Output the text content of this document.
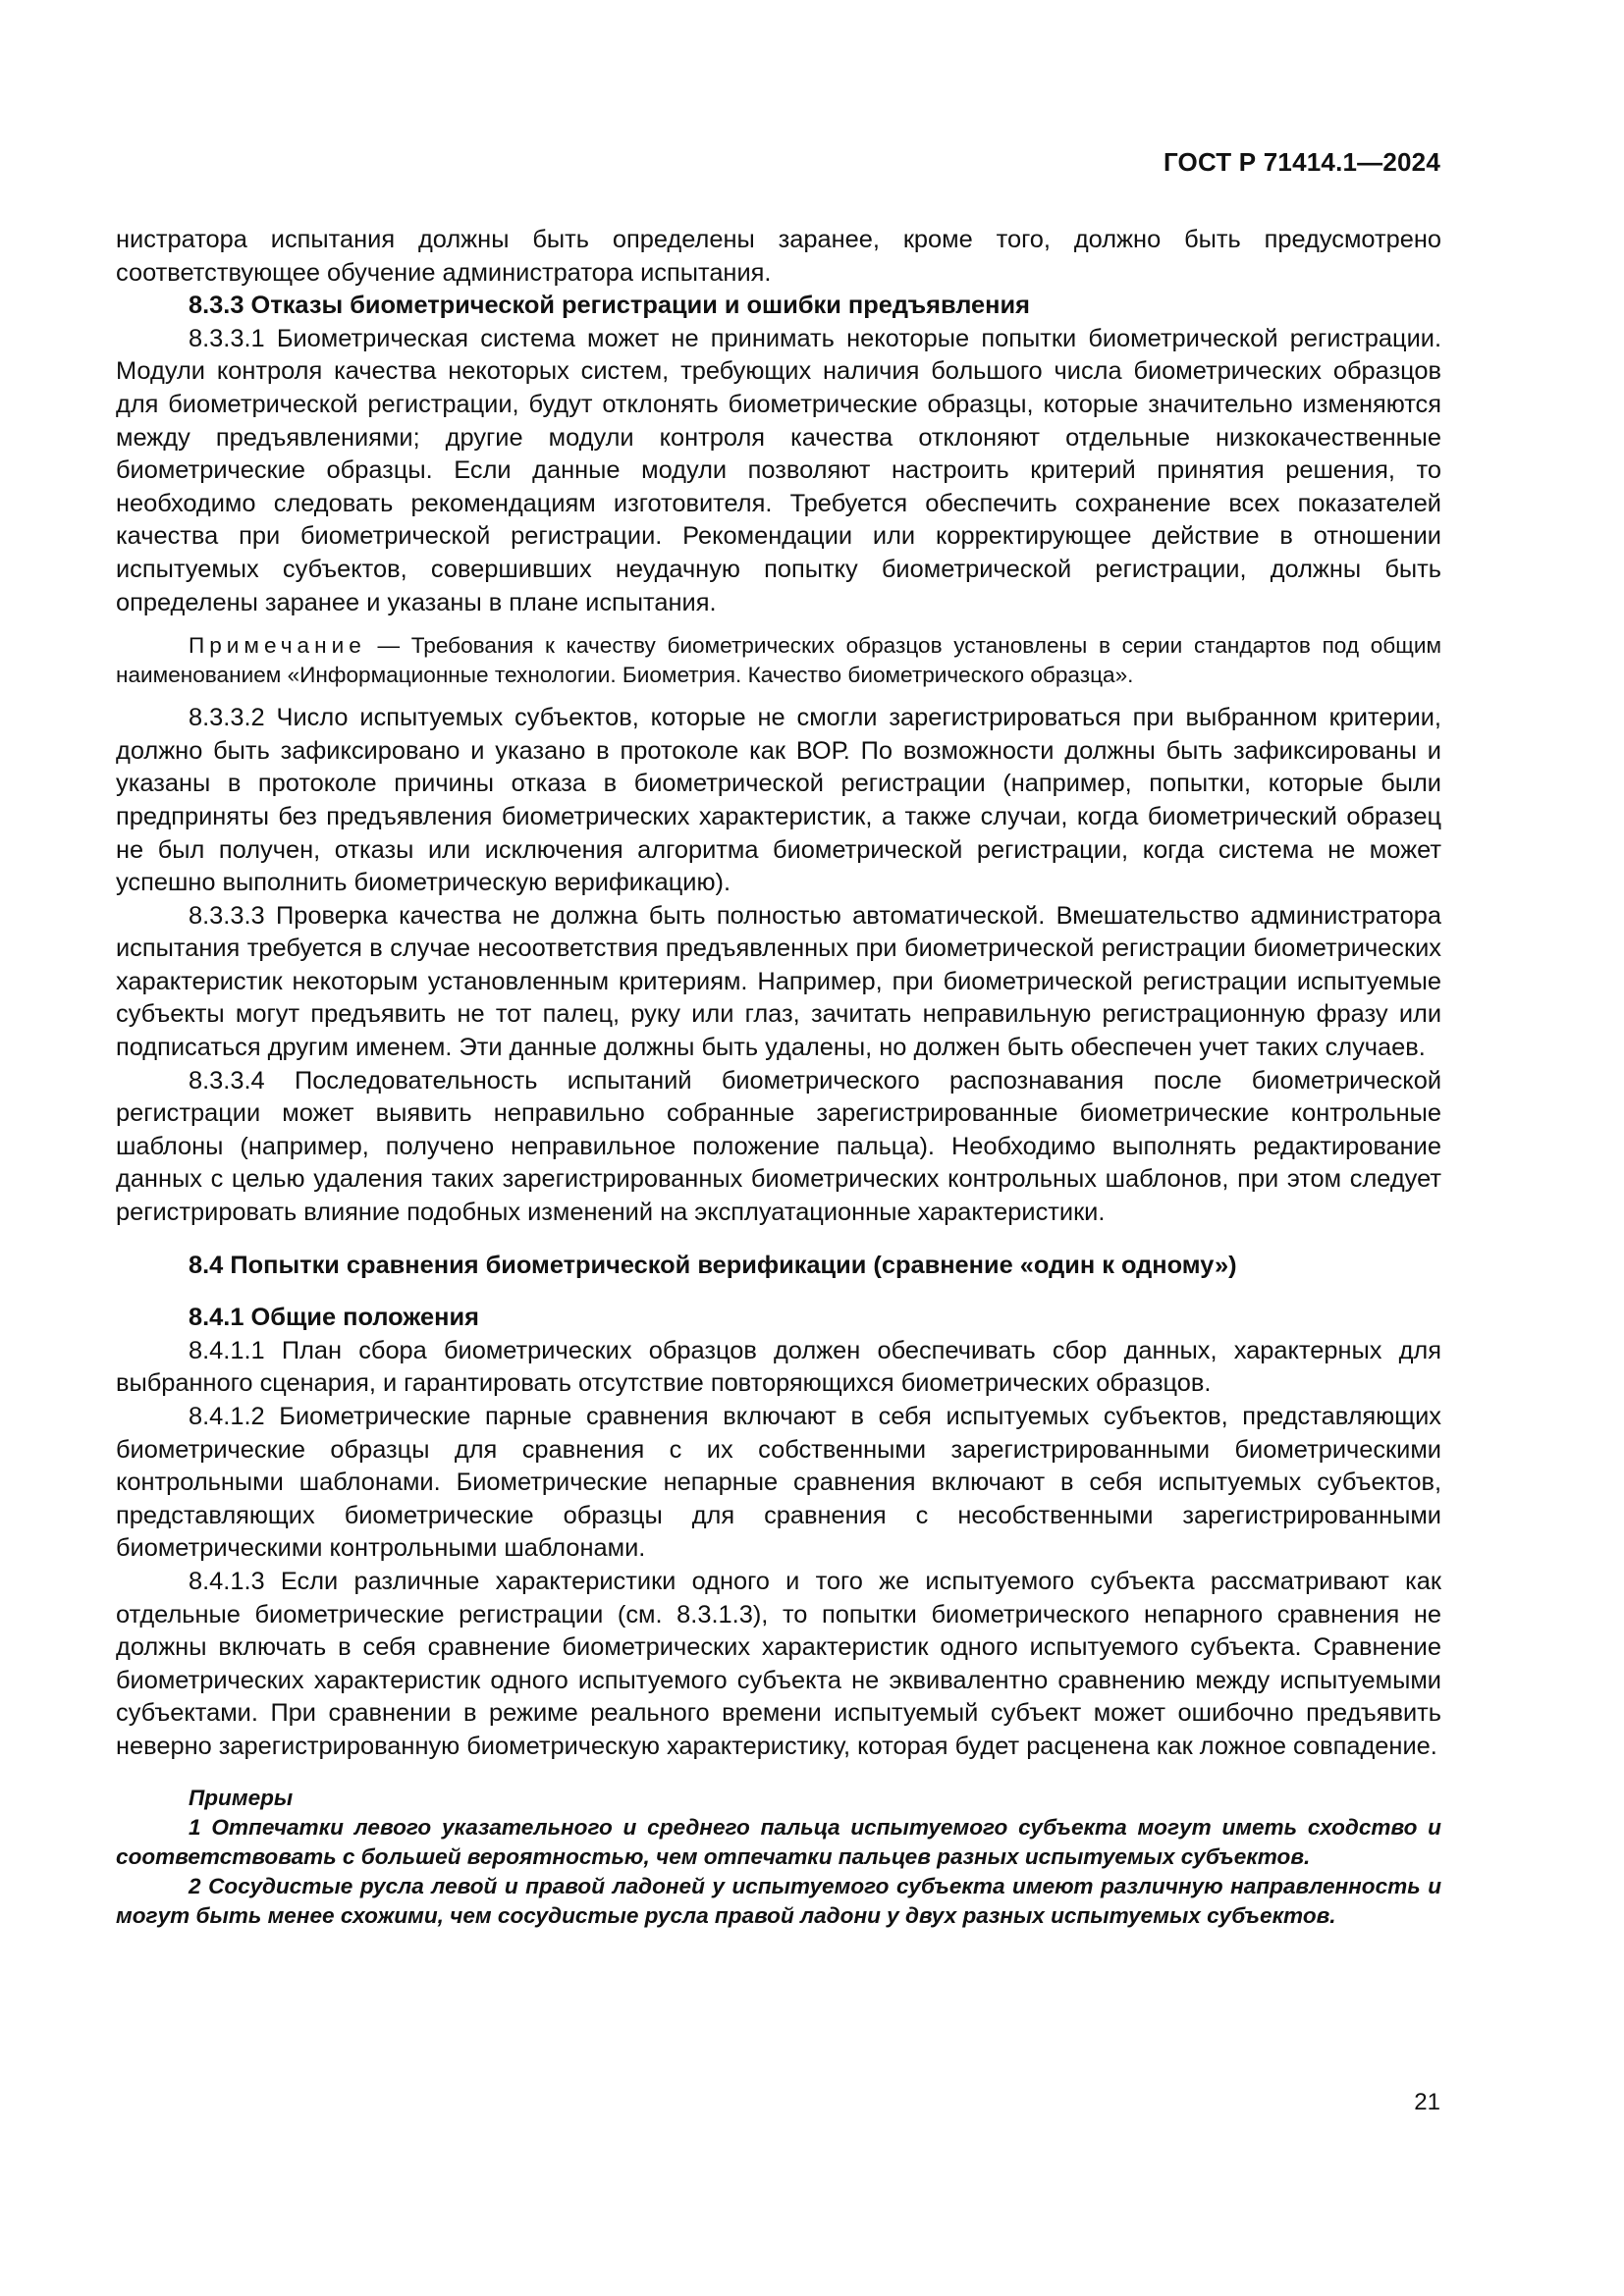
ГОСТ Р 71414.1—2024

нистратора испытания должны быть определены заранее, кроме того, должно быть предусмотрено соответствующее обучение администратора испытания.

8.3.3 Отказы биометрической регистрации и ошибки предъявления

8.3.3.1 Биометрическая система может не принимать некоторые попытки биометрической регистрации. Модули контроля качества некоторых систем, требующих наличия большого числа биометрических образцов для биометрической регистрации, будут отклонять биометрические образцы, которые значительно изменяются между предъявлениями; другие модули контроля качества отклоняют отдельные низкокачественные биометрические образцы. Если данные модули позволяют настроить критерий принятия решения, то необходимо следовать рекомендациям изготовителя. Требуется обеспечить сохранение всех показателей качества при биометрической регистрации. Рекомендации или корректирующее действие в отношении испытуемых субъектов, совершивших неудачную попытку биометрической регистрации, должны быть определены заранее и указаны в плане испытания.

Примечание — Требования к качеству биометрических образцов установлены в серии стандартов под общим наименованием «Информационные технологии. Биометрия. Качество биометрического образца».

8.3.3.2 Число испытуемых субъектов, которые не смогли зарегистрироваться при выбранном критерии, должно быть зафиксировано и указано в протоколе как ВОР. По возможности должны быть зафиксированы и указаны в протоколе причины отказа в биометрической регистрации (например, попытки, которые были предприняты без предъявления биометрических характеристик, а также случаи, когда биометрический образец не был получен, отказы или исключения алгоритма биометрической регистрации, когда система не может успешно выполнить биометрическую верификацию).

8.3.3.3 Проверка качества не должна быть полностью автоматической. Вмешательство администратора испытания требуется в случае несоответствия предъявленных при биометрической регистрации биометрических характеристик некоторым установленным критериям. Например, при биометрической регистрации испытуемые субъекты могут предъявить не тот палец, руку или глаз, зачитать неправильную регистрационную фразу или подписаться другим именем. Эти данные должны быть удалены, но должен быть обеспечен учет таких случаев.

8.3.3.4 Последовательность испытаний биометрического распознавания после биометрической регистрации может выявить неправильно собранные зарегистрированные биометрические контрольные шаблоны (например, получено неправильное положение пальца). Необходимо выполнять редактирование данных с целью удаления таких зарегистрированных биометрических контрольных шаблонов, при этом следует регистрировать влияние подобных изменений на эксплуатационные характеристики.

8.4 Попытки сравнения биометрической верификации (сравнение «один к одному»)

8.4.1 Общие положения

8.4.1.1 План сбора биометрических образцов должен обеспечивать сбор данных, характерных для выбранного сценария, и гарантировать отсутствие повторяющихся биометрических образцов.

8.4.1.2 Биометрические парные сравнения включают в себя испытуемых субъектов, представляющих биометрические образцы для сравнения с их собственными зарегистрированными биометрическими контрольными шаблонами. Биометрические непарные сравнения включают в себя испытуемых субъектов, представляющих биометрические образцы для сравнения с несобственными зарегистрированными биометрическими контрольными шаблонами.

8.4.1.3 Если различные характеристики одного и того же испытуемого субъекта рассматривают как отдельные биометрические регистрации (см. 8.3.1.3), то попытки биометрического непарного сравнения не должны включать в себя сравнение биометрических характеристик одного испытуемого субъекта. Сравнение биометрических характеристик одного испытуемого субъекта не эквивалентно сравнению между испытуемыми субъектами. При сравнении в режиме реального времени испытуемый субъект может ошибочно предъявить неверно зарегистрированную биометрическую характеристику, которая будет расценена как ложное совпадение.

Примеры

1 Отпечатки левого указательного и среднего пальца испытуемого субъекта могут иметь сходство и соответствовать с большей вероятностью, чем отпечатки пальцев разных испытуемых субъектов.

2 Сосудистые русла левой и правой ладоней у испытуемого субъекта имеют различную направленность и могут быть менее схожими, чем сосудистые русла правой ладони у двух разных испытуемых субъектов.

21
